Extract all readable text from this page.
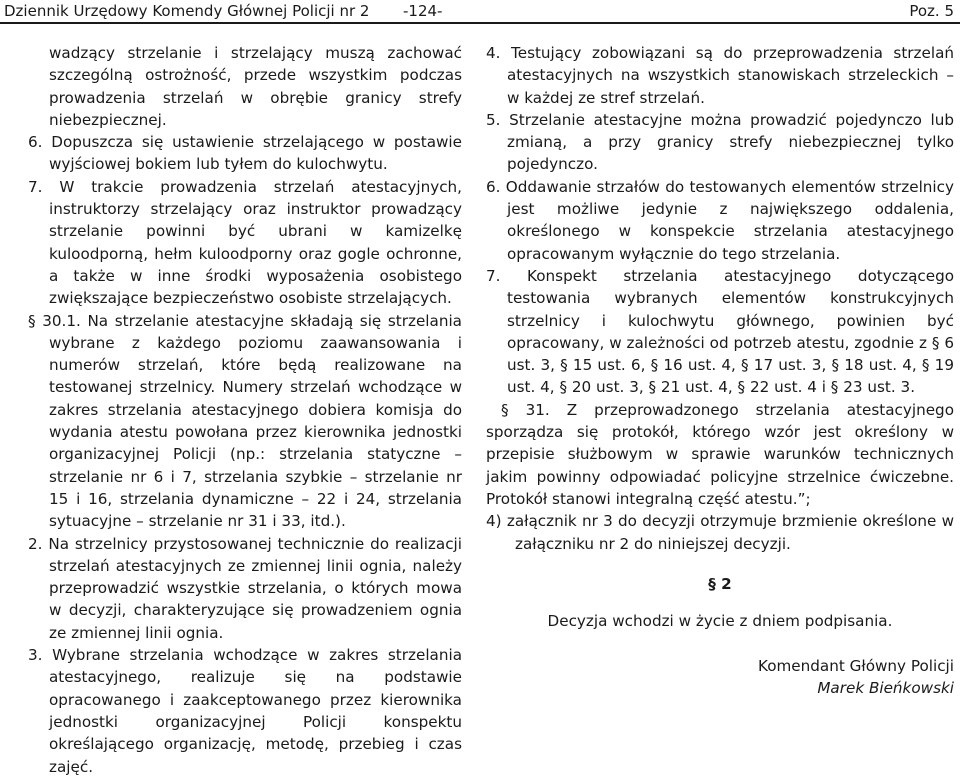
Dziennik Urzędowy Komendy Głównej Policji nr 2 -124-	Poz. 5

wadzący strzelanie i strzelający muszą zachować szczególną ostrożność, przede wszystkim podczas prowadzenia strzelań w obrębie granicy strefy niebezpiecznej.

6. Dopuszcza się ustawienie strzelającego w postawie wyjściowej bokiem lub tyłem do kulochwytu.

7. W trakcie prowadzenia strzelań atestacyjnych, instruktorzy strzelający oraz instruktor prowadzący strzelanie powinni być ubrani w kamizelkę kuloodporną, hełm kuloodporny oraz gogle ochronne, a także w inne środki wyposażenia osobistego zwiększające bezpieczeństwo osobiste strzelających.

§ 30.1. Na strzelanie atestacyjne składają się strzelania wybrane z każdego poziomu zaawansowania i numerów strzelań, które będą realizowane na testowanej strzelnicy. Numery strzelań wchodzące w zakres strzelania atestacyjnego dobiera komisja do wydania atestu powołana przez kierownika jednostki organizacyjnej Policji (np.: strzelania statyczne – strzelanie nr 6 i 7, strzelania szybkie – strzelanie nr 15 i 16, strzelania dynamiczne – 22 i 24, strzelania sytuacyjne – strzelanie nr 31 i 33, itd.).

2. Na strzelnicy przystosowanej technicznie do realizacji strzelań atestacyjnych ze zmiennej linii ognia, należy przeprowadzić wszystkie strzelania, o których mowa w decyzji, charakteryzujące się prowadzeniem ognia ze zmiennej linii ognia.

3. Wybrane strzelania wchodzące w zakres strzelania atestacyjnego, realizuje się na podstawie opracowanego i zaakceptowanego przez kierownika jednostki organizacyjnej Policji konspektu określającego organizację, metodę, przebieg i czas zajęć.

4. Testujący zobowiązani są do przeprowadzenia strzelań atestacyjnych na wszystkich stanowiskach strzeleckich – w każdej ze stref strzelań.

5. Strzelanie atestacyjne można prowadzić pojedynczo lub zmianą, a przy granicy strefy niebezpiecznej tylko pojedynczo.

6. Oddawanie strzałów do testowanych elementów strzelnicy jest możliwe jedynie z największego oddalenia, określonego w konspekcie strzelania atestacyjnego opracowanym wyłącznie do tego strzelania.

7. Konspekt strzelania atestacyjnego dotyczącego testowania wybranych elementów konstrukcyjnych strzelnicy i kulochwytu głównego, powinien być opracowany, w zależności od potrzeb atestu, zgodnie z § 6 ust. 3, § 15 ust. 6, § 16 ust. 4, § 17 ust. 3, § 18 ust. 4, § 19 ust. 4, § 20 ust. 3, § 21 ust. 4, § 22 ust. 4 i § 23 ust. 3.

§ 31. Z przeprowadzonego strzelania atestacyjnego sporządza się protokół, którego wzór jest określony w przepisie służbowym w sprawie warunków technicznych jakim powinny odpowiadać policyjne strzelnice ćwiczebne. Protokół stanowi integralną część atestu.”;

4) załącznik nr 3 do decyzji otrzymuje brzmienie określone w załączniku nr 2 do niniejszej decyzji.

§ 2

Decyzja wchodzi w życie z dniem podpisania.

Komendant Główny Policji

Marek Bieńkowski
